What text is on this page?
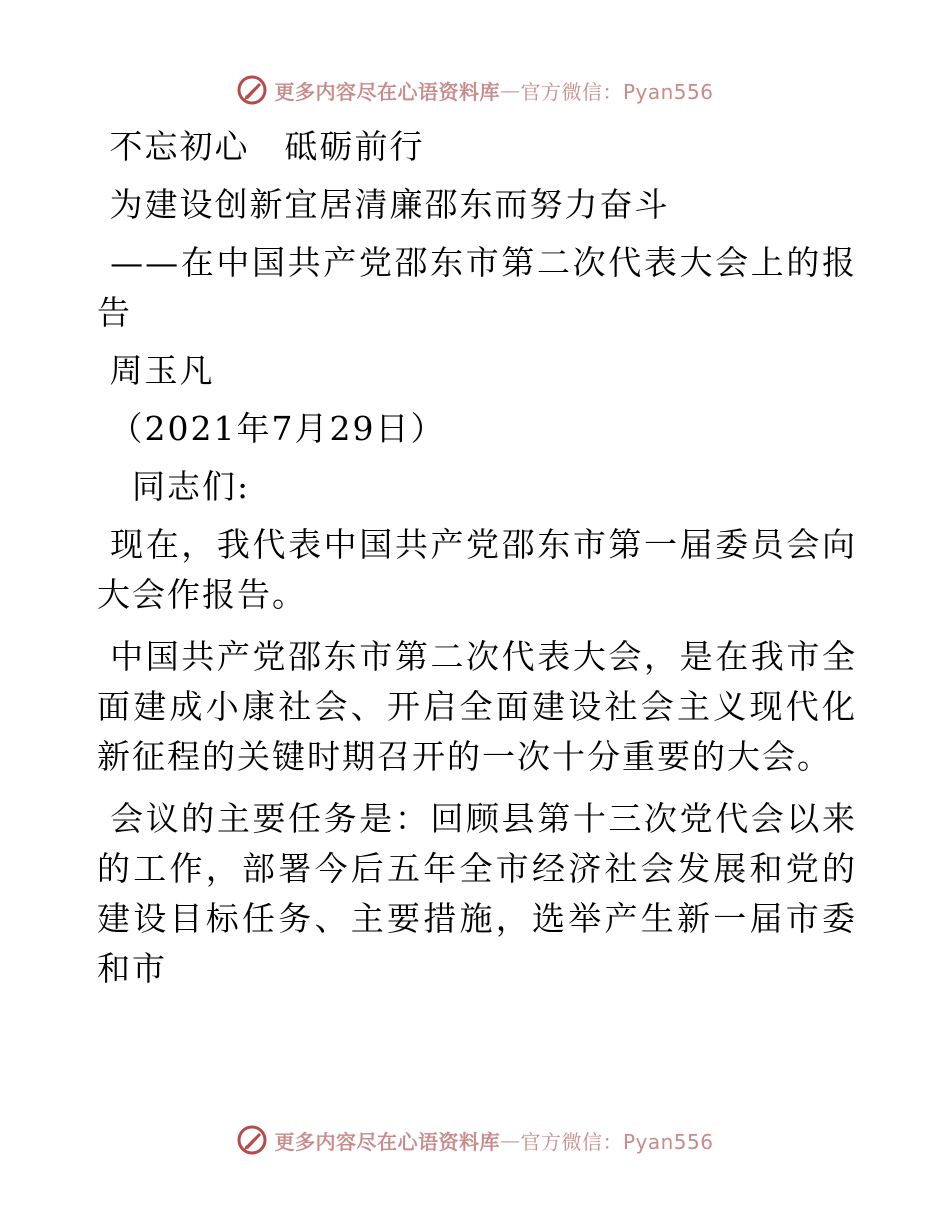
更多内容尽在心语资料库 — 官方微信：Pyan556

不忘初心　砥砺前行

为建设创新宜居清廉邵东而努力奋斗

——在中国共产党邵东市第二次代表大会上的报告

周玉凡

（2021年7月29日）

　同志们:

现在，我代表中国共产党邵东市第一届委员会向大会作报告。

中国共产党邵东市第二次代表大会，是在我市全面建成小康社会、开启全面建设社会主义现代化新征程的关键时期召开的一次十分重要的大会。

会议的主要任务是：回顾县第十三次党代会以来的工作，部署今后五年全市经济社会发展和党的建设目标任务、主要措施，选举产生新一届市委和市

更多内容尽在心语资料库 — 官方微信：Pyan556
